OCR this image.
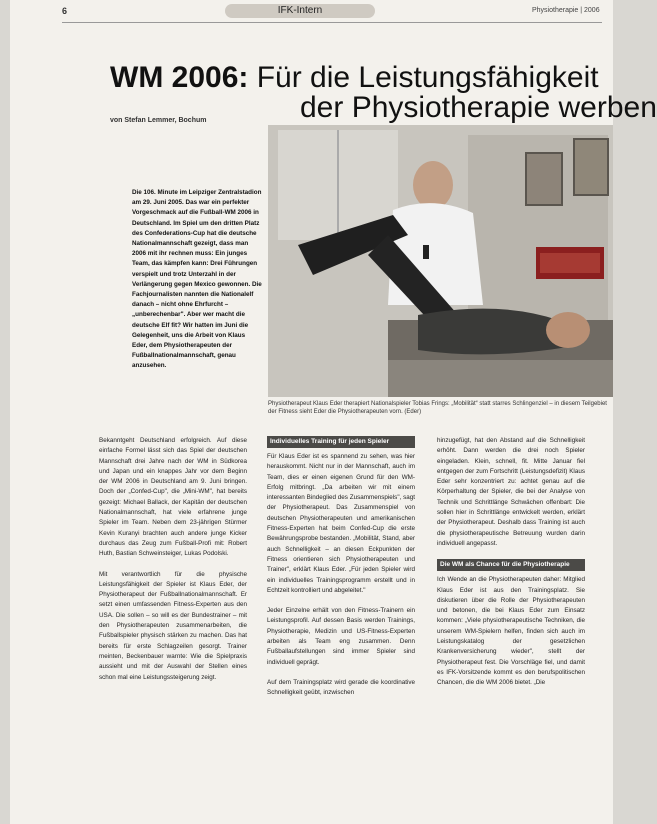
6	IFK-Intern	Physiotherapie | 2006
WM 2006: Für die Leistungsfähigkeit
der Physiotherapie werben
von Stefan Lemmer, Bochum
Physiotherapeut Klaus Eder therapiert Nationalspieler Tobias Frings: „Mobilität“ statt starres Schlingenziel – in diesem Teilgebiet der Fitness sieht Eder die Physiotherapeuten vorn. (Eder)
Die 106. Minute im Leipziger Zentralstadion am 29. Juni 2005. Das war ein perfekter Vorgeschmack auf die Fußball-WM 2006 in Deutschland. Im Spiel um den dritten Platz des Confederations-Cup hat die deutsche Nationalmannschaft gezeigt, dass man 2006 mit ihr rechnen muss: Ein junges Team, das kämpfen kann: Drei Führungen verspielt und trotz Unterzahl in der Verlängerung gegen Mexico gewonnen. Die Fachjournalisten nannten die Nationalelf danach – nicht ohne Ehrfurcht – „unberechenbar". Aber wer macht die deutsche Elf fit? Wir hatten im Juni die Gelegenheit, uns die Arbeit von Klaus Eder, dem Physiotherapeuten der Fußballnationalmannschaft, genau anzusehen.

Bekanntgeht Deutschland erfolgreich. Auf diese einfache Formel lässt sich das Spiel der deutschen Mannschaft drei Jahre nach der WM in Südkorea und Japan und ein knappes Jahr vor dem Beginn der WM 2006 in Deutschland am 9. Juni bringen. Doch der „Confed-Cup", die „Mini-WM", hat bereits gezeigt: Michael Ballack, der Kapitän der deutschen Nationalmannschaft, hat viele erfahrene junge Spieler im Team. Neben dem 23-jährigen Stürmer Kevin Kuranyi brachten auch andere junge Kicker durchaus das Zeug zum Fußball-Profi mit: Robert Huth, Bastian Schweinsteiger, Lukas Podolski.

Mit verantwortlich für die physische Leistungsfähigkeit der Spieler ist Klaus Eder, der Physiotherapeut der Fußballnationalmannschaft. Er setzt einen umfassenden Fitness-Experten aus den USA. Die sollen – so will es der Bundestrainer – mit den Physiotherapeuten zusammenarbeiten, die Fußballspieler physisch stärken zu machen. Das hat bereits für erste Schlagzeilen gesorgt. Trainer meinten, Beckenbauer warnte: Wie die Spielpraxis aussieht und mit der Auswahl der Stellen eines schon mal eine Leistungssteigerung zeigt.

Individuelles Training für jeden Spieler

Für Klaus Eder ist es spannend zu sehen, was hier herauskommt. Nicht nur in der Mannschaft, auch im Team, dies er einen eigenen Grund für den WM-Erfolg mitbringt. „Da arbeiten wir mit einem interessanten Bindeglied des Zusammenspiels", sagt der Physiotherapeut. Das Zusammenspiel von deutschen Physiotherapeuten und amerikanischen Fitness-Experten hat beim Confed-Cup die erste Bewährungsprobe bestanden. „Mobilität, Stand, aber auch Schnelligkeit – an diesen Eckpunkten der Fitness orientieren sich Physiotherapeuten und Trainer", erklärt Klaus Eder. „Für jeden Spieler wird ein individuelles Trainingsprogramm erstellt und in Echtzeit kontrolliert und abgeleitet."

Jeder Einzelne erhält von den Fitness-Trainern ein Leistungsprofil. Auf dessen Basis werden Trainings, Physiotherapie, Medizin und US-Fitness-Experten arbeiten als Team eng zusammen. Denn Fußballaufstellungen sind immer Spieler sind individuell geprägt.

Auf dem Trainingsplatz wird gerade die koordinative Schnelligkeit geübt, inzwischen

hinzugefügt, hat den Abstand auf die Schnelligkeit erhöht. Dann werden die drei noch Spieler eingeladen. Klein, schnell, fit. Mitte Januar fiel entgegen der zum Fortschritt (Leistungsdefizit) Klaus Eder sehr konzentriert zu: achtet genau auf die Körperhaltung der Spieler, die bei der Analyse von Technik und Schrittlänge Schwächen offenbart: Die sollen hier in Schrittlänge entwickelt werden, erklärt der Physiotherapeut. Deshalb dass Training ist auch die physiotherapeutische Betreuung wurden darin individuell angepasst.

Die WM als Chance für die Physiotherapie

Ich Wende an die Physiotherapeuten daher: Mitglied Klaus Eder ist aus den Trainingsplatz. Sie diskutieren über die Rolle der Physiotherapeuten und betonen, die bei Klaus Eder zum Einsatz kommen: „Viele physiotherapeutische Techniken, die unserem WM-Spielern helfen, finden sich auch im Leistungskatalog der gesetzlichen Krankenversicherung wieder", stellt der Physiotherapeut fest. Die Vorschläge fiel, und damit es IFK-Vorsitzende kommt es den berufspolitischen Chancen, die die WM 2006 bietet. „Die
